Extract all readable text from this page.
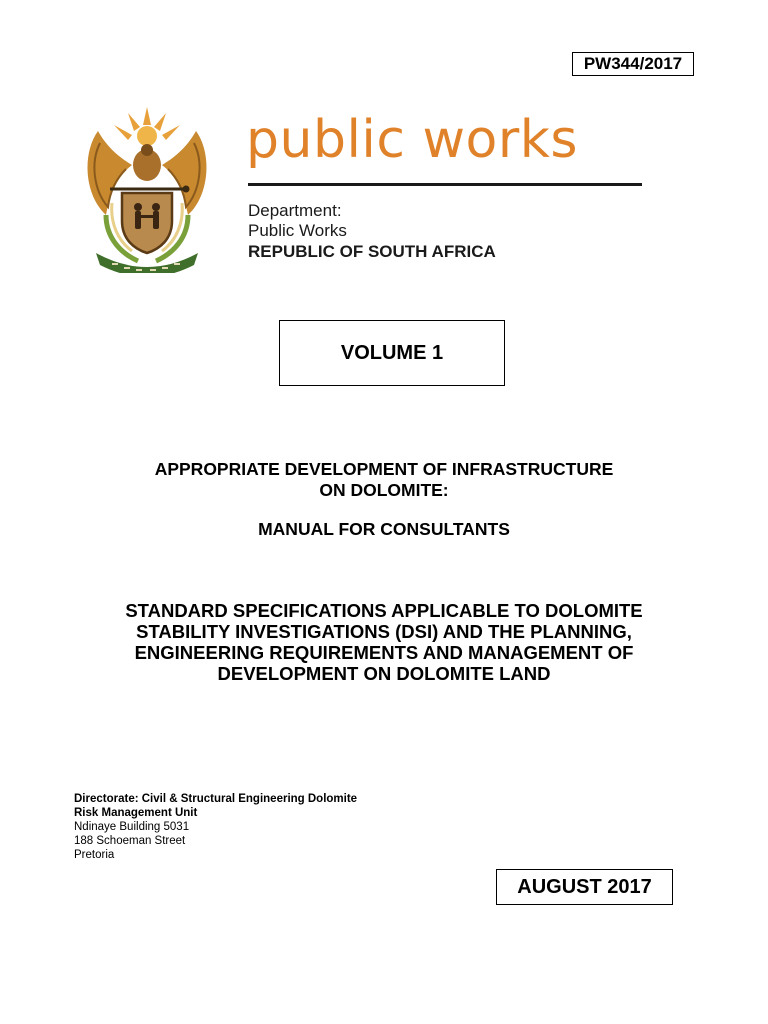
PW344/2017
public works
Department:
Public Works
REPUBLIC OF SOUTH AFRICA
VOLUME 1
APPROPRIATE DEVELOPMENT OF INFRASTRUCTURE
ON DOLOMITE:
MANUAL FOR CONSULTANTS
STANDARD SPECIFICATIONS APPLICABLE TO DOLOMITE
STABILITY INVESTIGATIONS (DSI) AND THE PLANNING,
ENGINEERING REQUIREMENTS AND MANAGEMENT OF
DEVELOPMENT ON DOLOMITE LAND
Directorate: Civil & Structural Engineering Dolomite
Risk Management Unit
Ndinaye Building 5031
188 Schoeman Street
Pretoria
AUGUST 2017
